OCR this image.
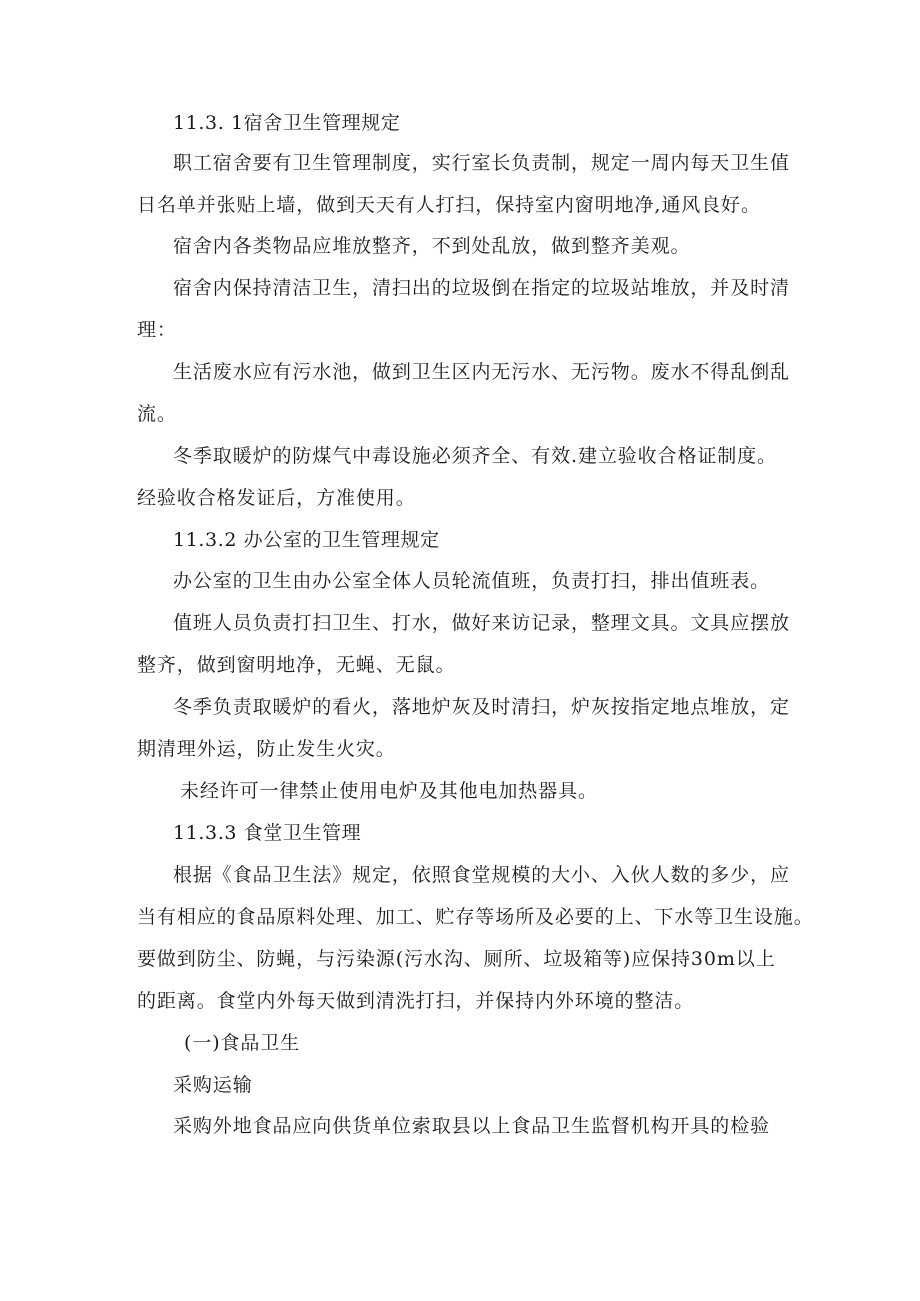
11.3. 1宿舍卫生管理规定
职工宿舍要有卫生管理制度，实行室长负责制，规定一周内每天卫生值
日名单并张贴上墙，做到天天有人打扫，保持室内窗明地净,通风良好。
宿舍内各类物品应堆放整齐，不到处乱放，做到整齐美观。
宿舍内保持清洁卫生，清扫出的垃圾倒在指定的垃圾站堆放，并及时清
理：
生活废水应有污水池，做到卫生区内无污水、无污物。废水不得乱倒乱
流。
冬季取暖炉的防煤气中毒设施必须齐全、有效.建立验收合格证制度。
经验收合格发证后，方准使用。
11.3.2 办公室的卫生管理规定
办公室的卫生由办公室全体人员轮流值班，负责打扫，排出值班表。
值班人员负责打扫卫生、打水，做好来访记录，整理文具。文具应摆放
整齐，做到窗明地净，无蝇、无鼠。
冬季负责取暖炉的看火，落地炉灰及时清扫，炉灰按指定地点堆放，定
期清理外运，防止发生火灾。
未经许可一律禁止使用电炉及其他电加热器具。
11.3.3 食堂卫生管理
根据《食品卫生法》规定，依照食堂规模的大小、入伙人数的多少，应
当有相应的食品原料处理、加工、贮存等场所及必要的上、下水等卫生设施。
要做到防尘、防蝇，与污染源(污水沟、厕所、垃圾箱等)应保持30m以上
的距离。食堂内外每天做到清洗打扫，并保持内外环境的整洁。
(一)食品卫生
采购运输
采购外地食品应向供货单位索取县以上食品卫生监督机构开具的检验
